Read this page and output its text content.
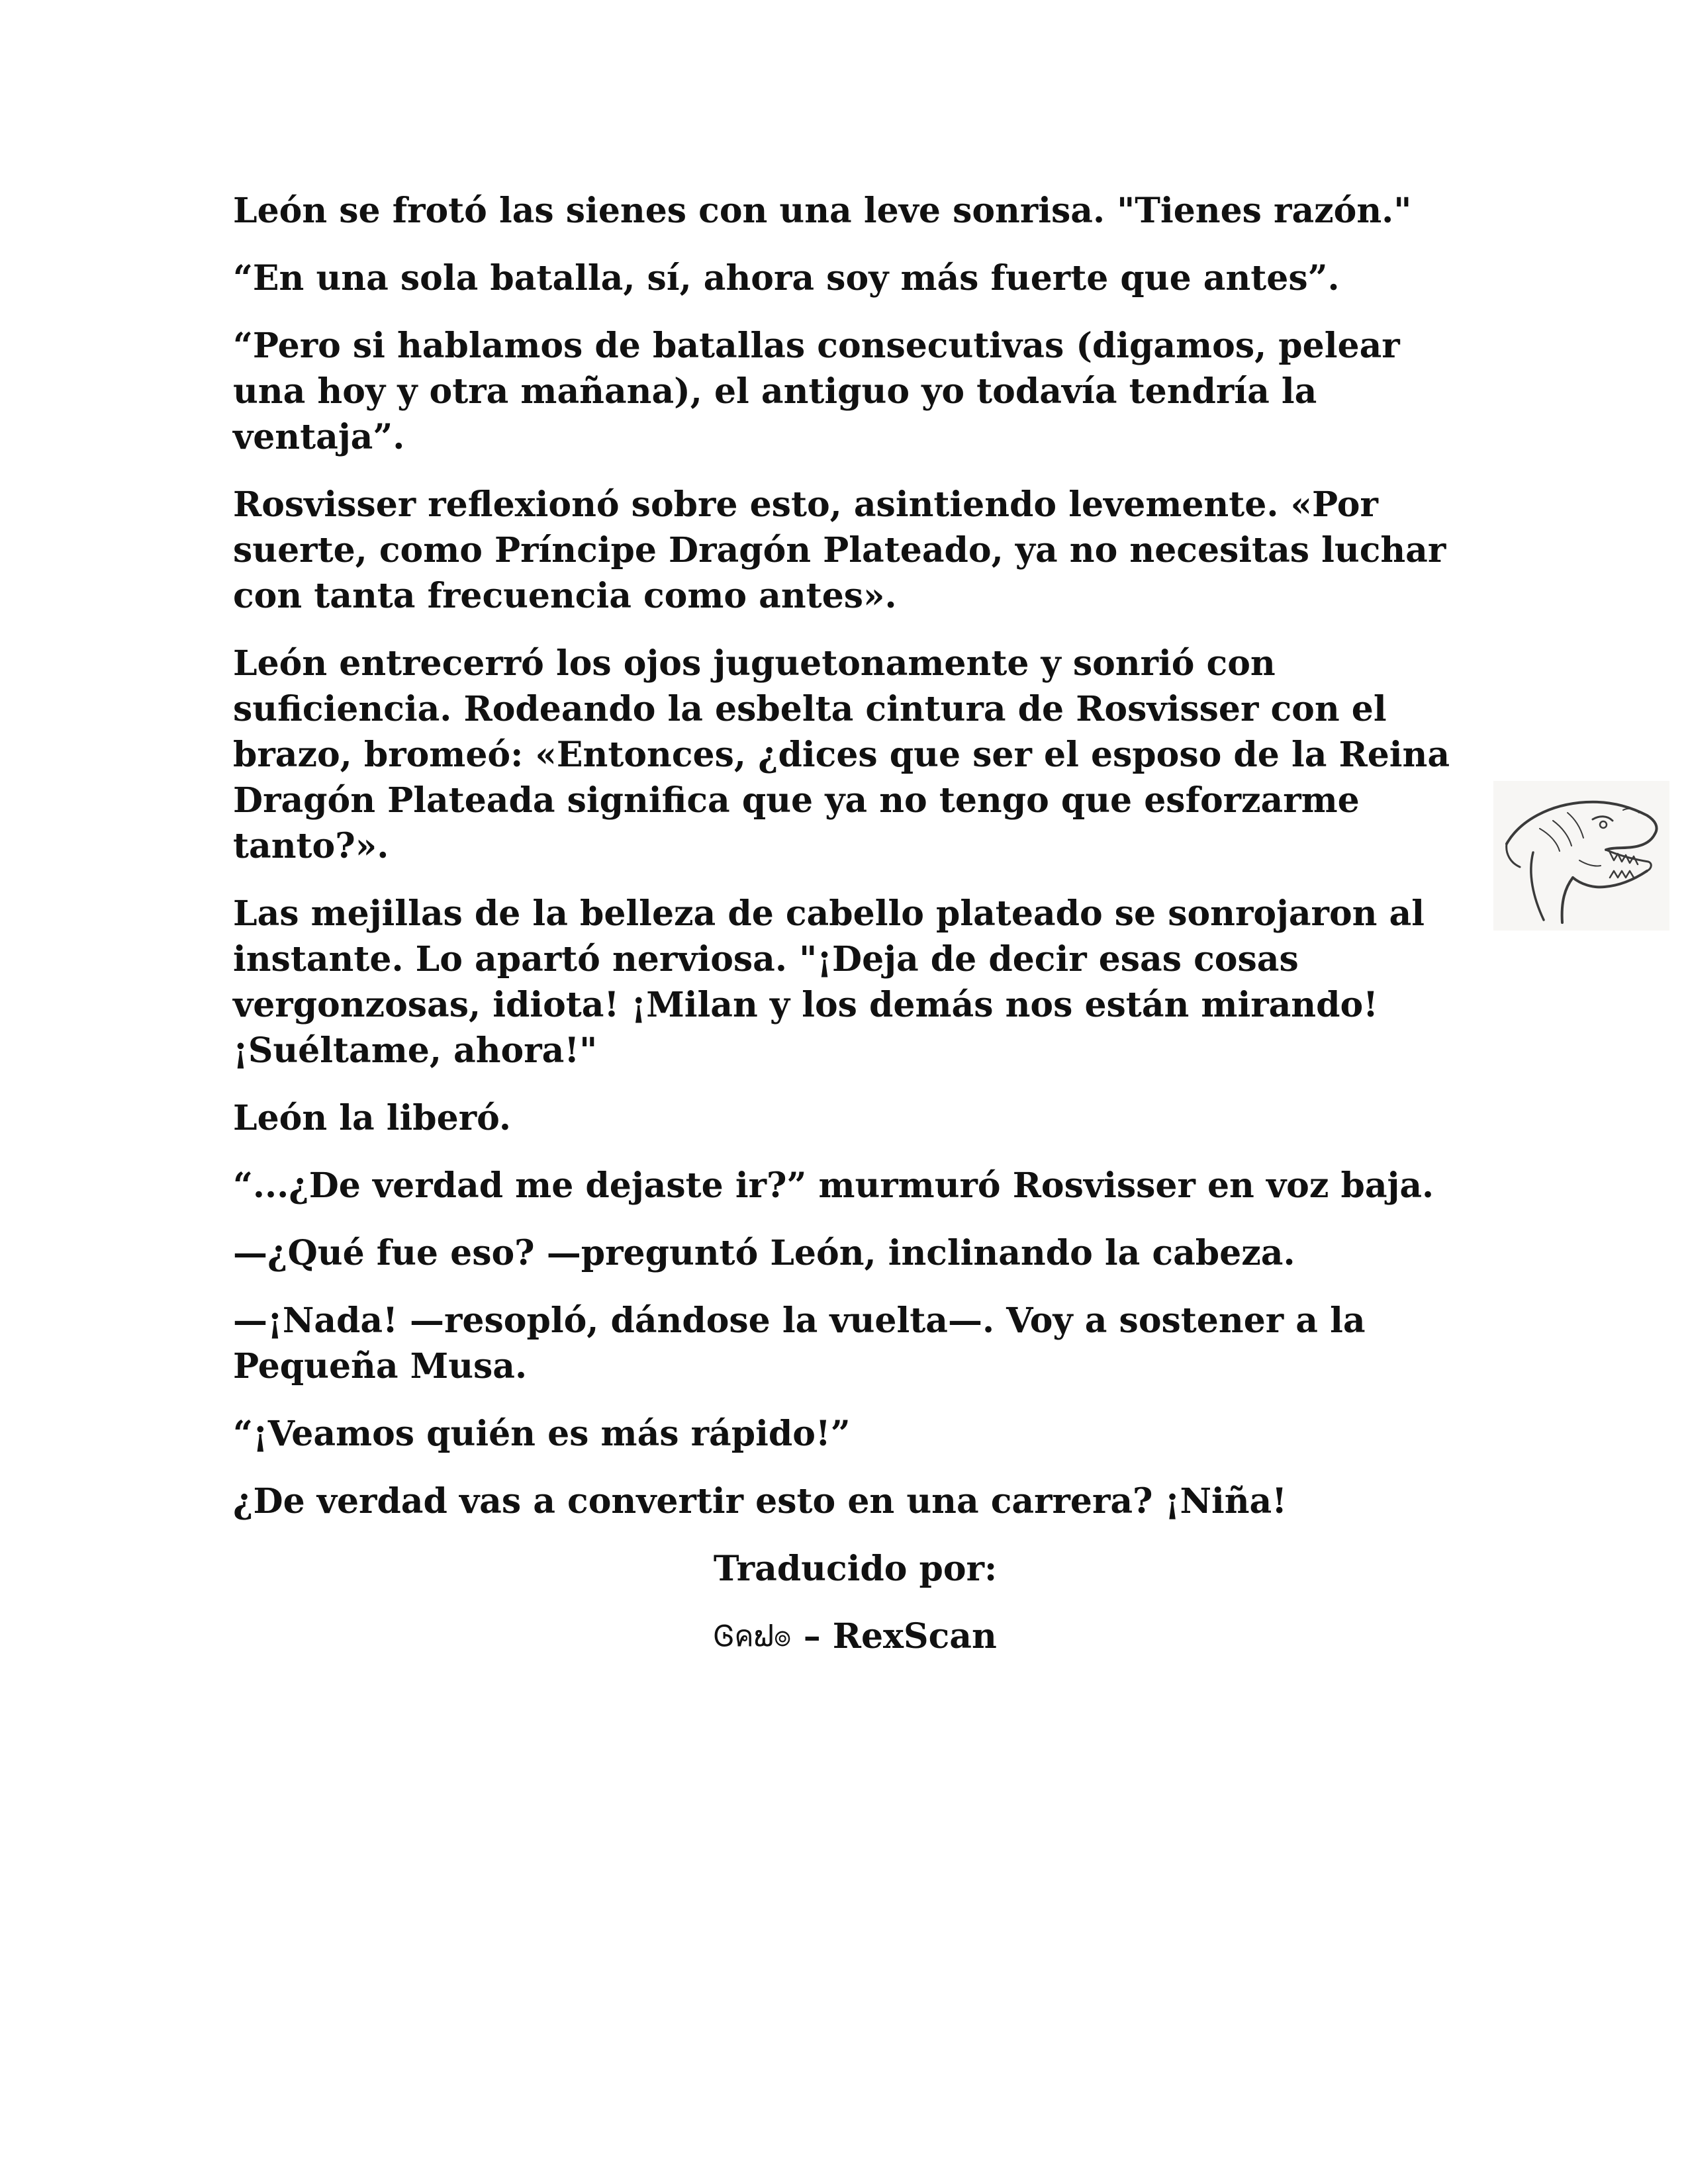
León se frotó las sienes con una leve sonrisa. "Tienes razón."

“En una sola batalla, sí, ahora soy más fuerte que antes”.

“Pero si hablamos de batallas consecutivas (digamos, pelear una hoy y otra mañana), el antiguo yo todavía tendría la ventaja”.

Rosvisser reflexionó sobre esto, asintiendo levemente. «Por suerte, como Príncipe Dragón Plateado, ya no necesitas luchar con tanta frecuencia como antes».

León entrecerró los ojos juguetonamente y sonrió con suficiencia. Rodeando la esbelta cintura de Rosvisser con el brazo, bromeó: «Entonces, ¿dices que ser el esposo de la Reina Dragón Plateada significa que ya no tengo que esforzarme tanto?».

Las mejillas de la belleza de cabello plateado se sonrojaron al instante. Lo apartó nerviosa. "¡Deja de decir esas cosas vergonzosas, idiota! ¡Milan y los demás nos están mirando! ¡Suéltame, ahora!"

León la liberó.

“...¿De verdad me dejaste ir?” murmuró Rosvisser en voz baja.

—¿Qué fue eso? —preguntó León, inclinando la cabeza.

—¡Nada! —resopló, dándose la vuelta—. Voy a sostener a la Pequeña Musa.

“¡Veamos quién es más rápido!”

¿De verdad vas a convertir esto en una carrera? ¡Niña!

Traducido por:

Ꮆคຟ๏ – RexScan
